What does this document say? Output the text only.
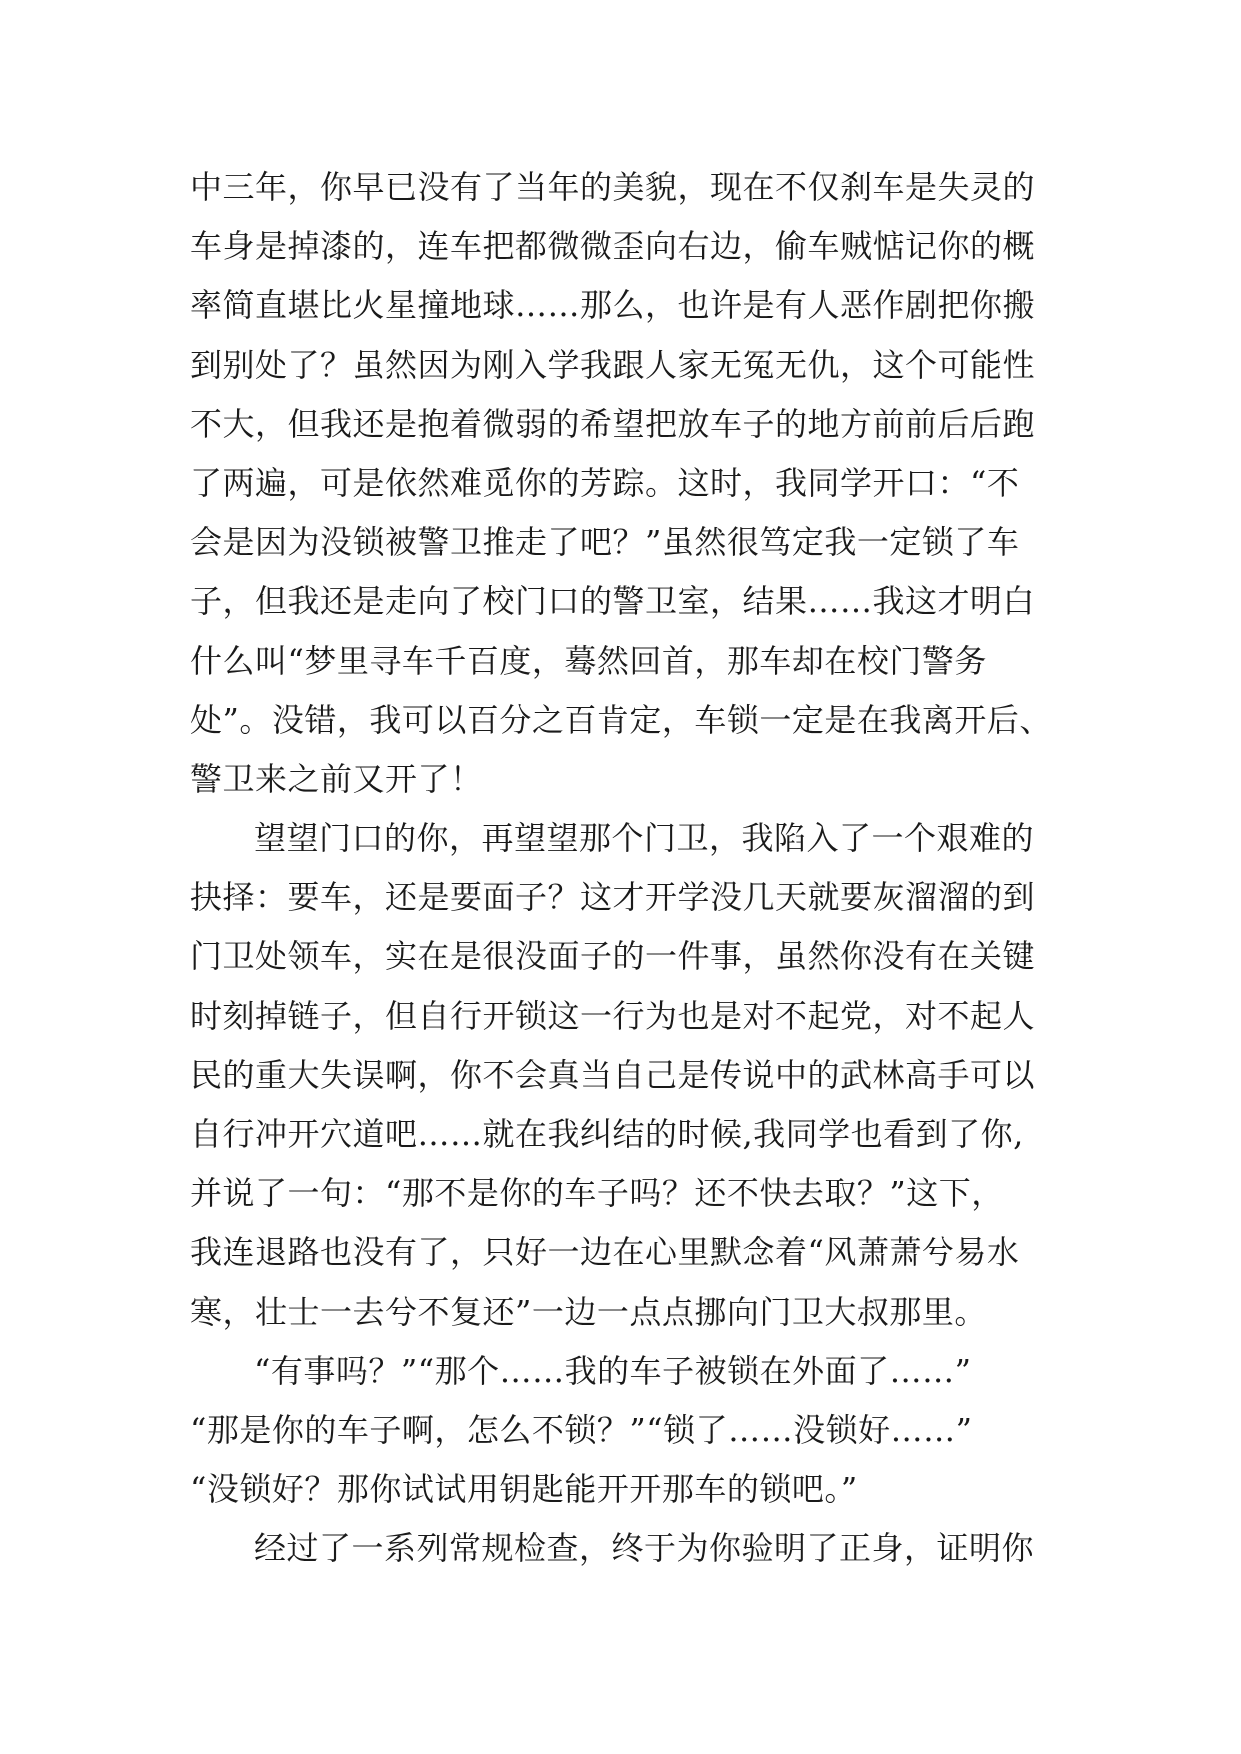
中三年，你早已没有了当年的美貌，现在不仅刹车是失灵的
车身是掉漆的，连车把都微微歪向右边，偷车贼惦记你的概
率简直堪比火星撞地球……那么，也许是有人恶作剧把你搬
到别处了？虽然因为刚入学我跟人家无冤无仇，这个可能性
不大，但我还是抱着微弱的希望把放车子的地方前前后后跑
了两遍，可是依然难觅你的芳踪。这时，我同学开口：“不
会是因为没锁被警卫推走了吧？”虽然很笃定我一定锁了车
子，但我还是走向了校门口的警卫室，结果……我这才明白
什么叫“梦里寻车千百度，蓦然回首，那车却在校门警务
处”。没错，我可以百分之百肯定，车锁一定是在我离开后、
警卫来之前又开了！
望望门口的你，再望望那个门卫，我陷入了一个艰难的
抉择：要车，还是要面子？这才开学没几天就要灰溜溜的到
门卫处领车，实在是很没面子的一件事，虽然你没有在关键
时刻掉链子，但自行开锁这一行为也是对不起党，对不起人
民的重大失误啊，你不会真当自己是传说中的武林高手可以
自行冲开穴道吧……就在我纠结的时候,我同学也看到了你,
并说了一句：“那不是你的车子吗？还不快去取？”这下，
我连退路也没有了，只好一边在心里默念着“风萧萧兮易水
寒，壮士一去兮不复还”一边一点点挪向门卫大叔那里。
“有事吗？”“那个……我的车子被锁在外面了……”
“那是你的车子啊，怎么不锁？”“锁了……没锁好……”
“没锁好？那你试试用钥匙能开开那车的锁吧。”
经过了一系列常规检查，终于为你验明了正身，证明你
